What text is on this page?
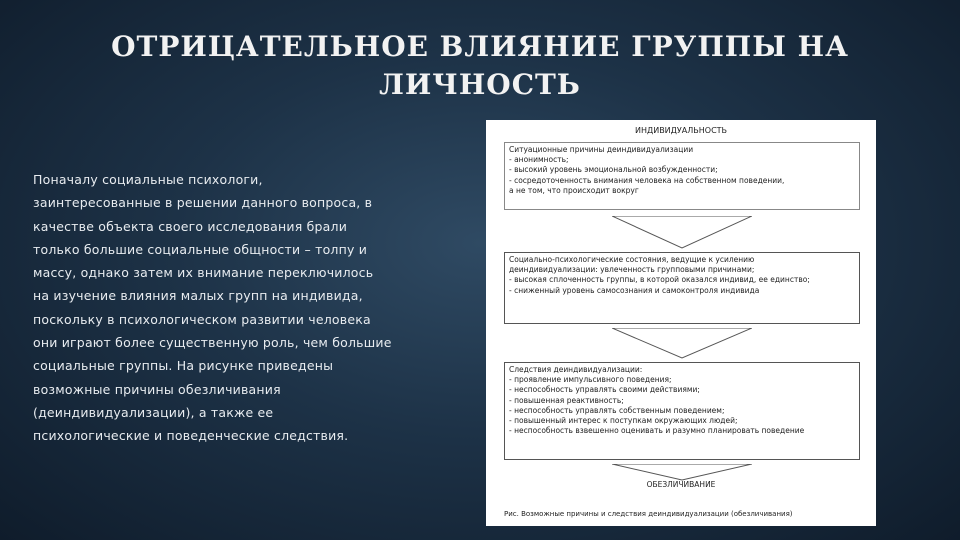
ОТРИЦАТЕЛЬНОЕ ВЛИЯНИЕ ГРУППЫ НА
ЛИЧНОСТЬ
Поначалу социальные психологи, заинтересованные в решении данного вопроса, в качестве объекта своего исследования брали только большие социальные общности – толпу и массу, однако затем их внимание переключилось на изучение влияния малых групп на индивида, поскольку в психологическом развитии человека они играют более существенную роль, чем большие социальные группы. На рисунке приведены возможные причины обезличивания (деиндивидуализации), а также ее психологические и поведенческие следствия.
ИНДИВИДУАЛЬНОСТЬ
Ситуационные причины деиндивидуализации
- анонимность;
- высокий уровень эмоциональной возбужденности;
- сосредоточенность внимания человека на собственном поведении,
а не том, что происходит вокруг
Социально-психологические состояния, ведущие к усилению
деиндивидуализации: увлеченность групповыми причинами;
- высокая сплоченность группы, в которой оказался индивид, ее единство;
- сниженный уровень самосознания и самоконтроля индивида
Следствия деиндивидуализации:
- проявление импульсивного поведения;
- неспособность управлять своими действиями;
- повышенная реактивность;
- неспособность управлять собственным поведением;
- повышенный интерес к поступкам окружающих людей;
- неспособность взвешенно оценивать и разумно планировать поведение
ОБЕЗЛИЧИВАНИЕ
Рис. Возможные причины и следствия деиндивидуализации (обезличивания)
